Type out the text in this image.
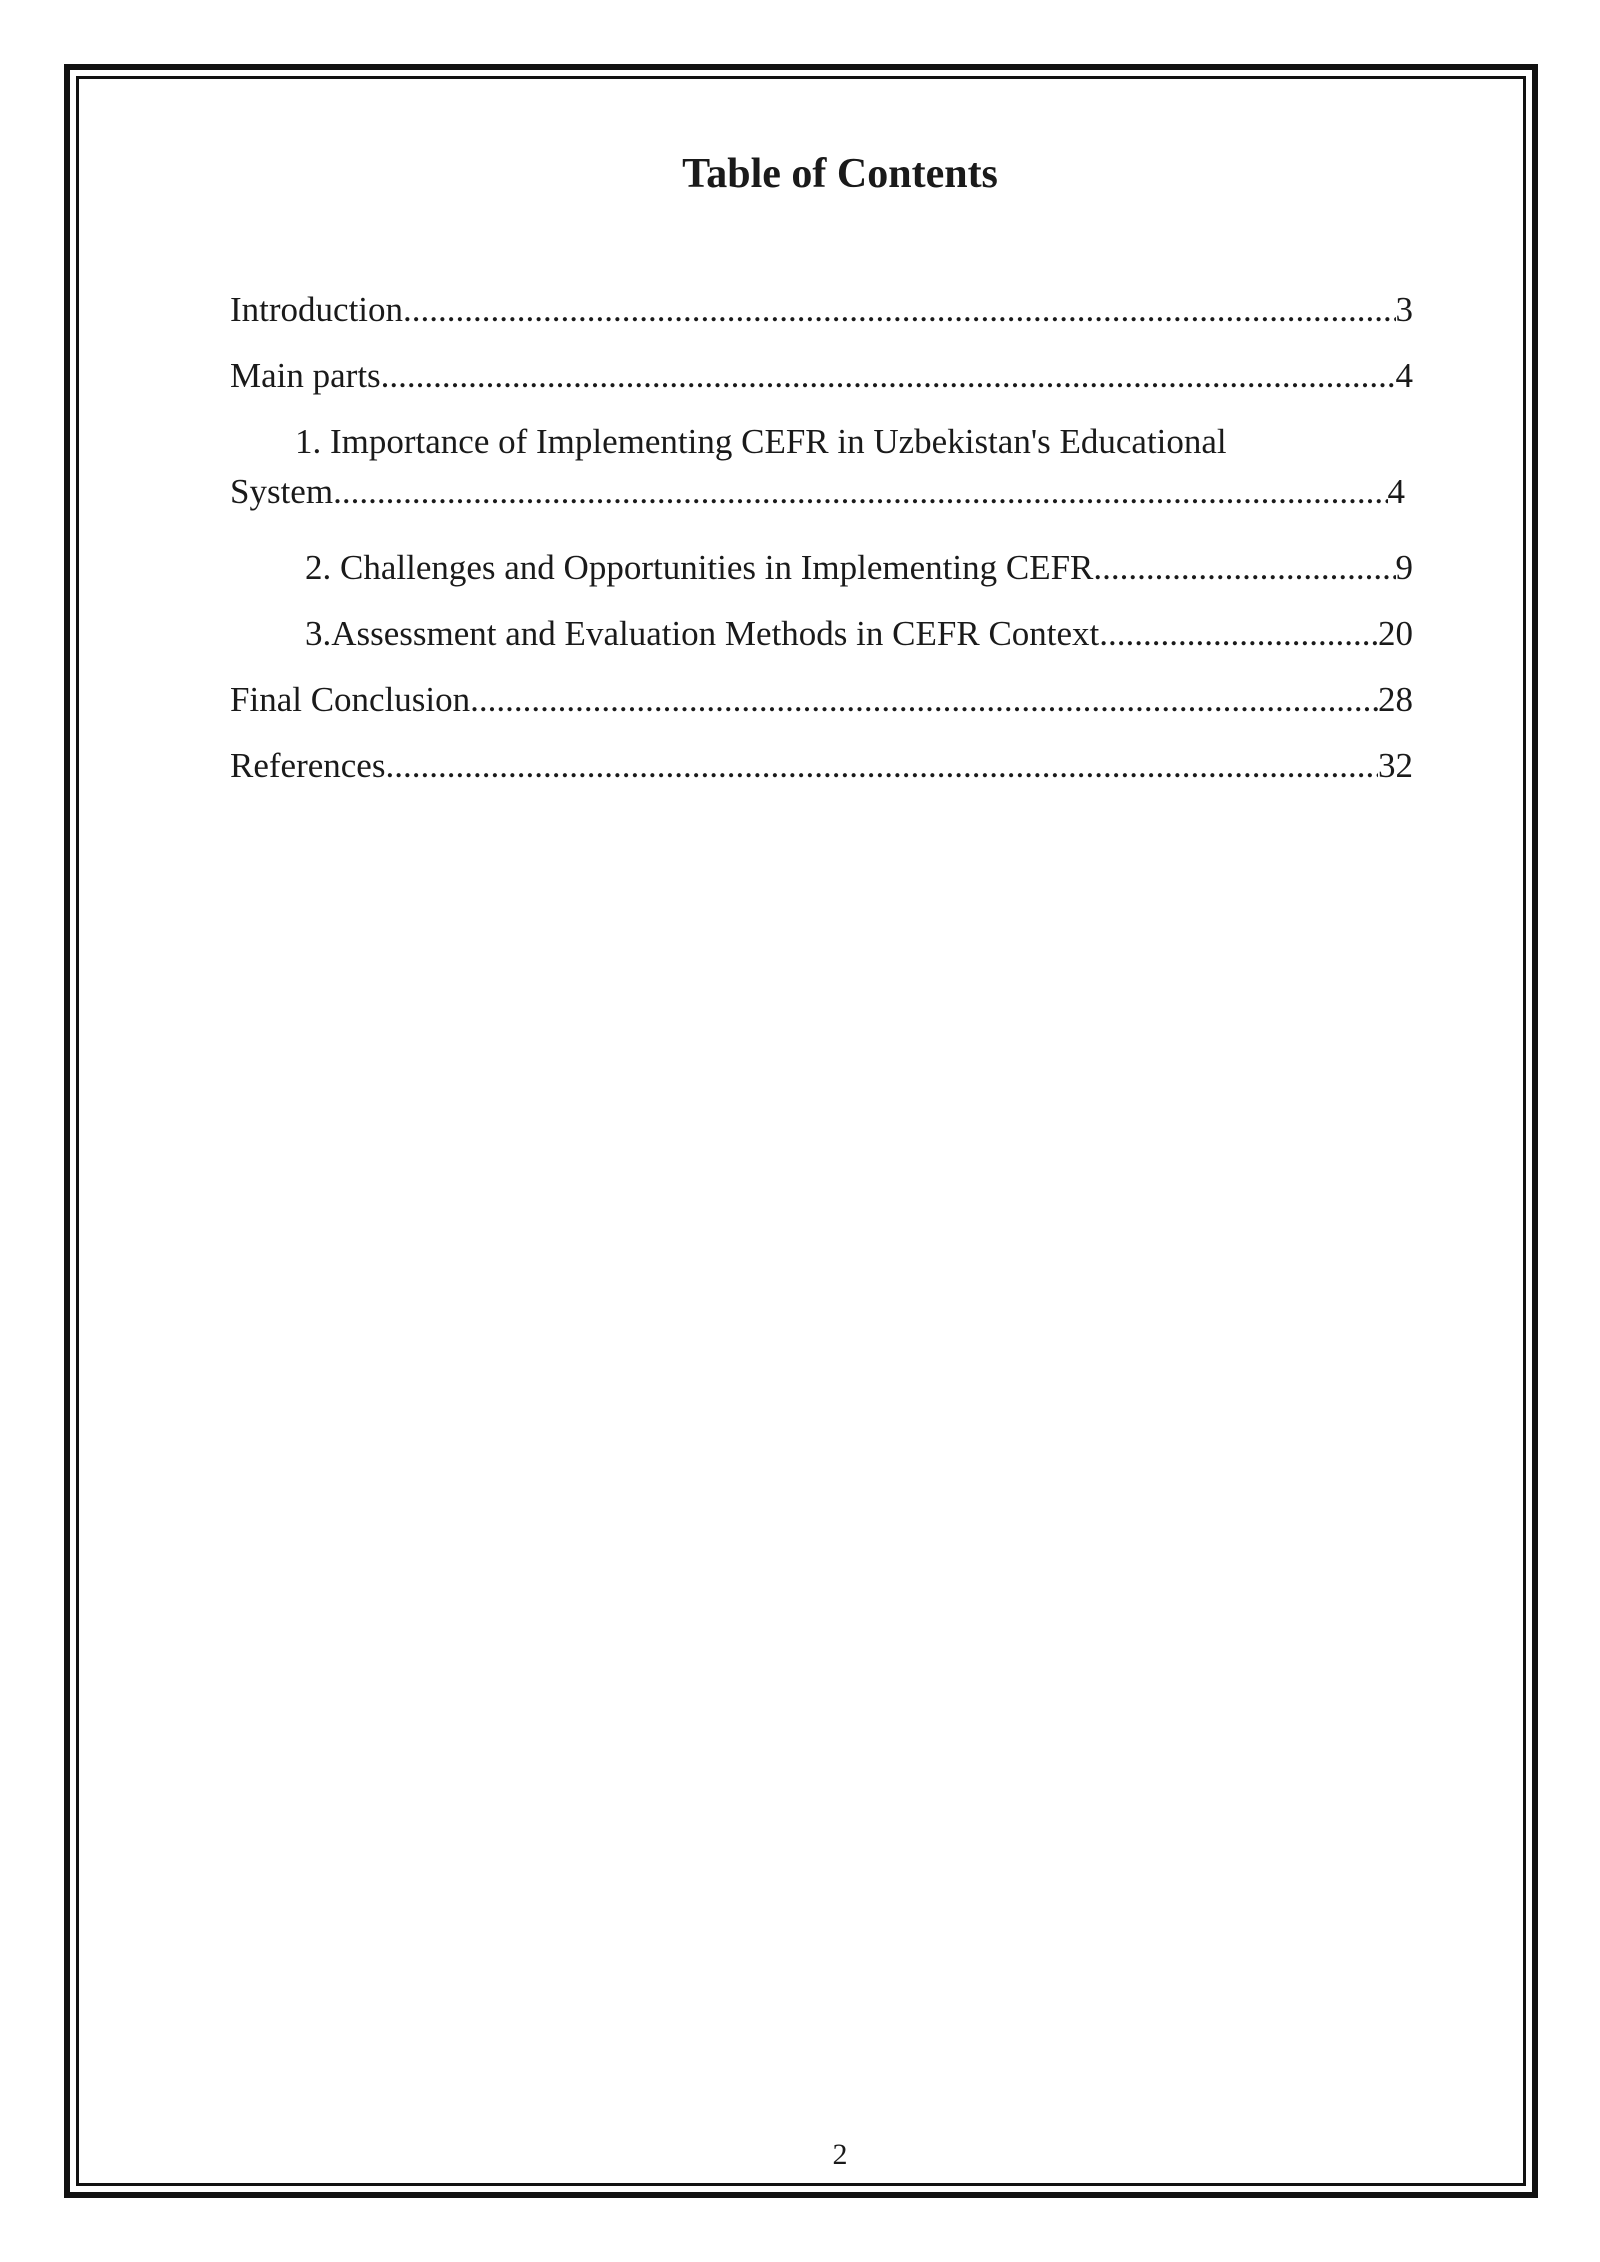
Table of Contents
Introduction .....	3
Main parts .....	4
1. Importance of Implementing CEFR in Uzbekistan's Educational
System .....	4
2. Challenges and Opportunities in Implementing CEFR .....	9
3.Assessment and Evaluation Methods in CEFR Context .....	20
Final Conclusion .....	28
References .....	32
2
